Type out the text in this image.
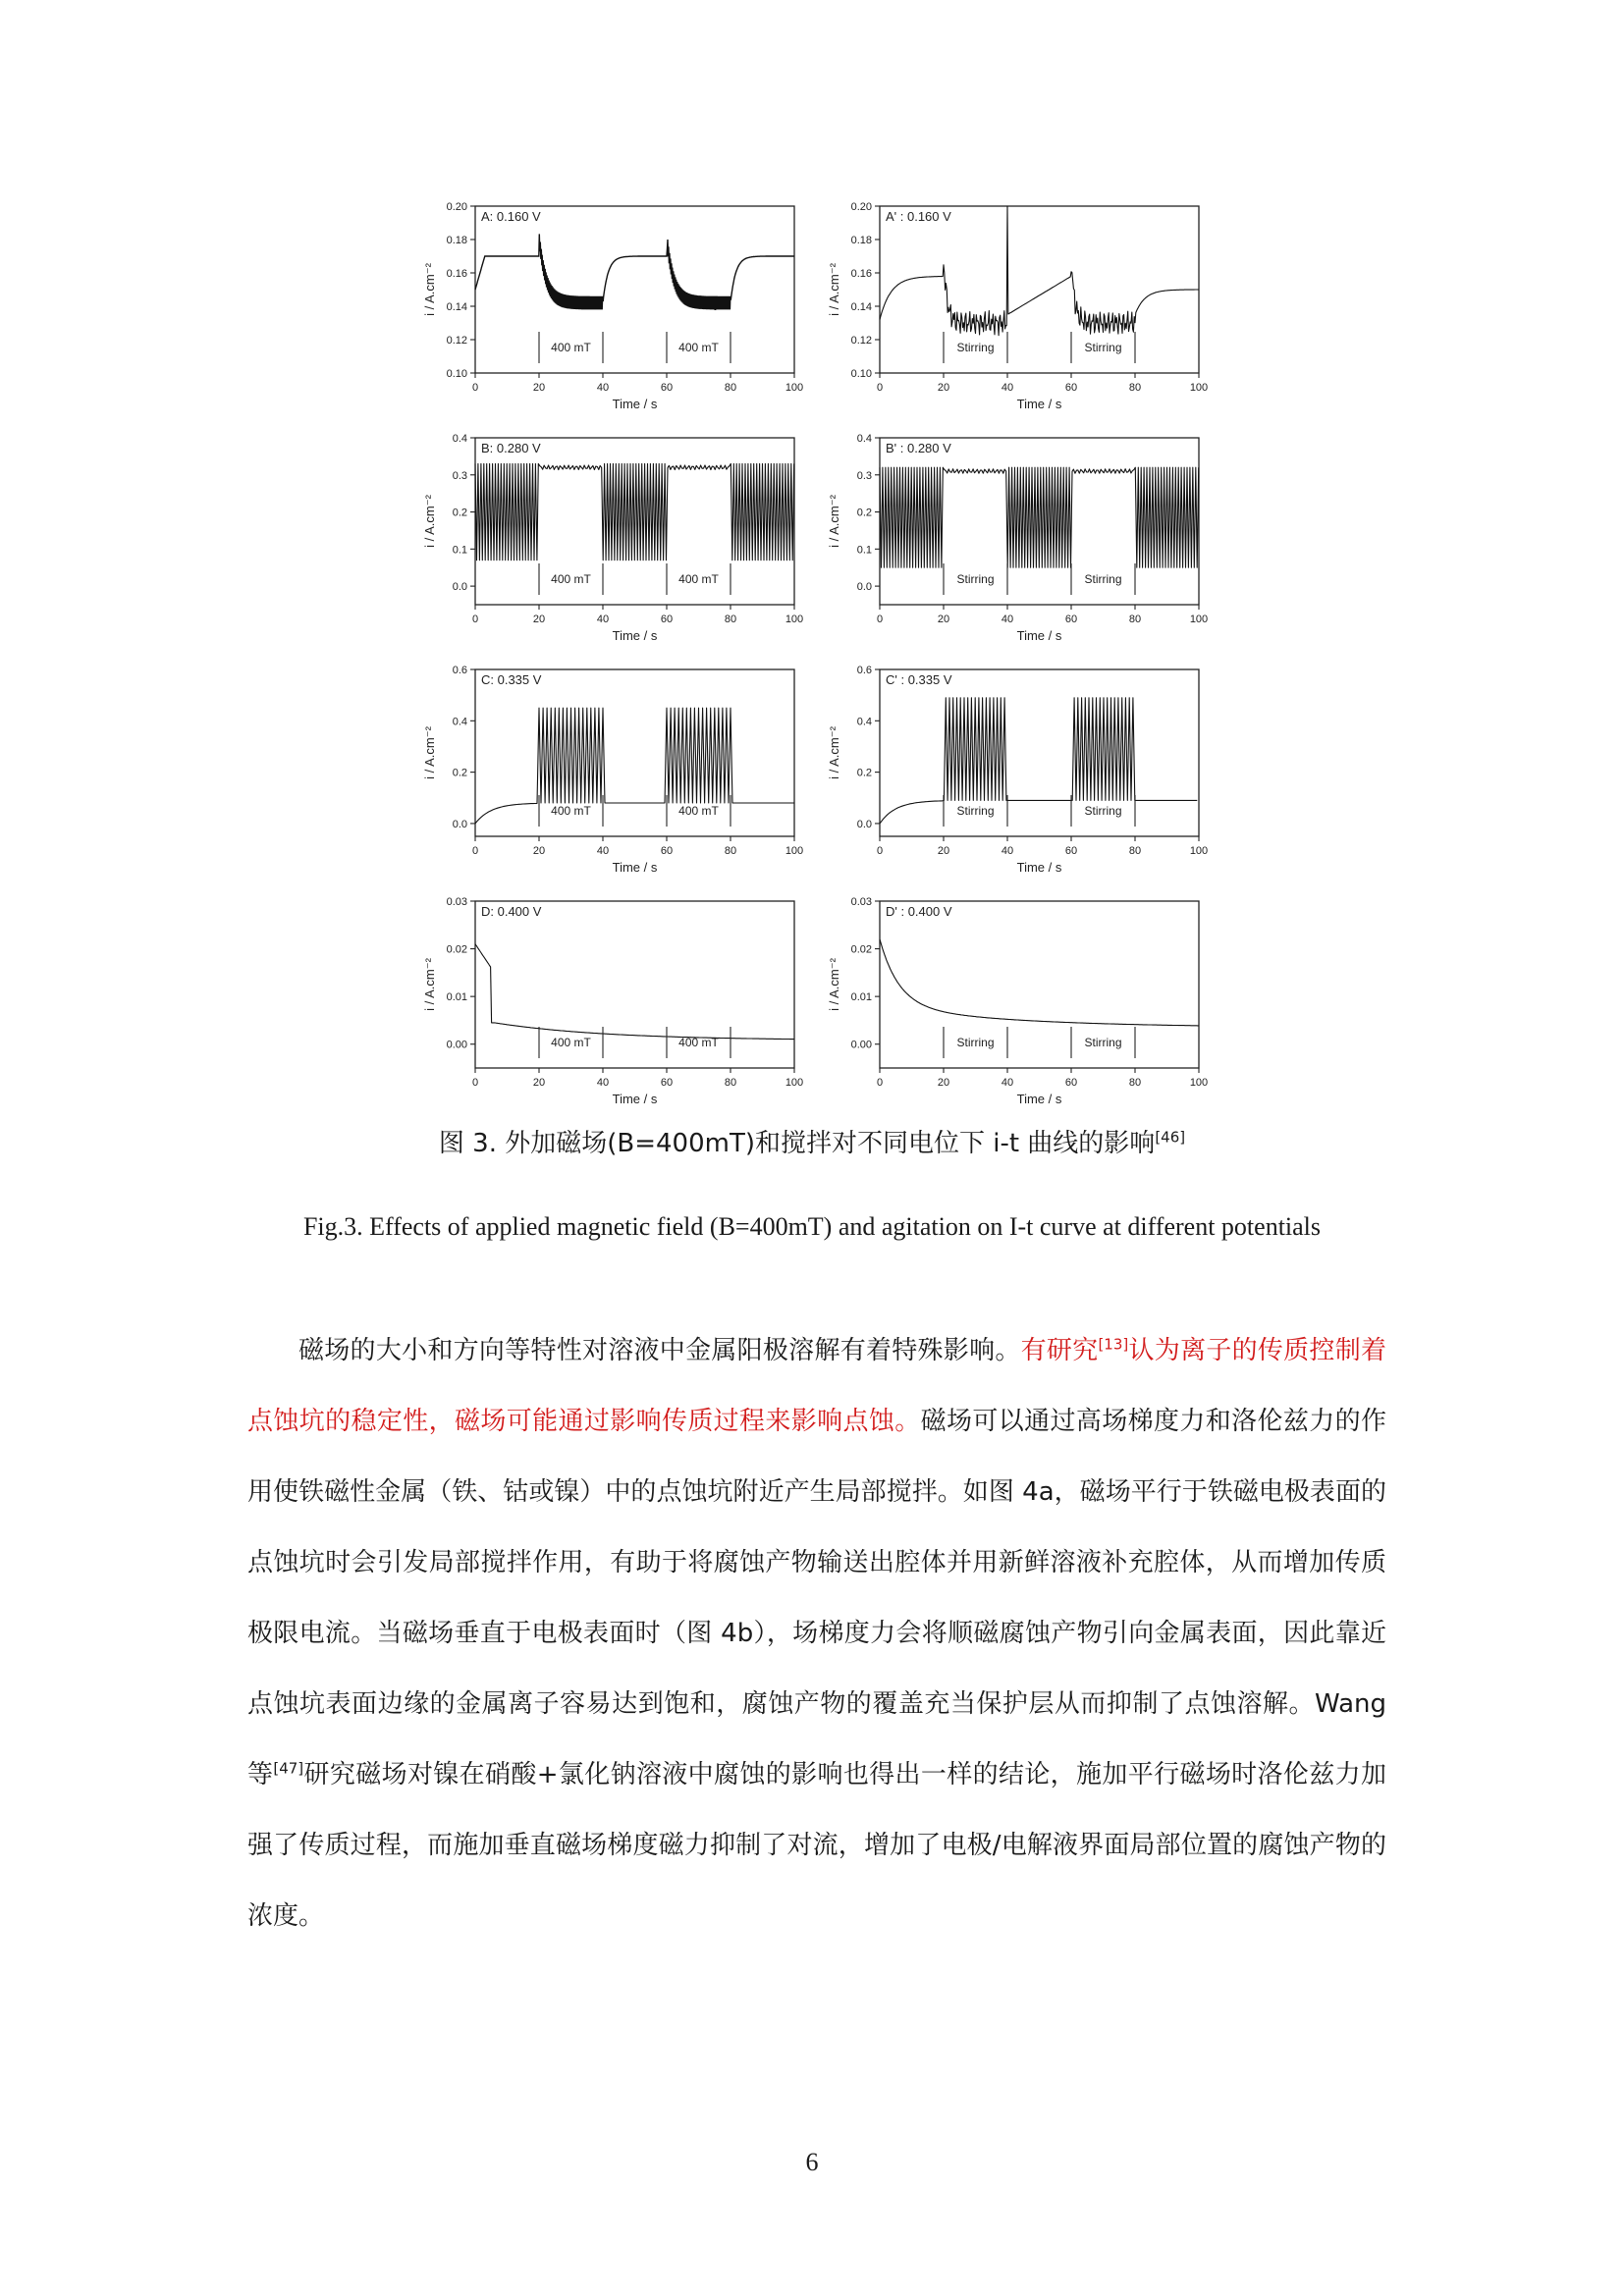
0	20	40	60	80	100
0.10
0.12
0.14
0.16
0.18
0.20
Time / s
i / A.cm⁻²
A: 0.160 V
400 mT	400 mT
0	20	40	60	80	100
0.10
0.12
0.14
0.16
0.18
0.20
Time / s
i / A.cm⁻²
A' : 0.160 V
Stirring	Stirring
0	20	40	60	80	100
0.0
0.1
0.2
0.3
0.4
Time / s
i / A.cm⁻²
B: 0.280 V
400 mT	400 mT
0	20	40	60	80	100
0.0
0.1
0.2
0.3
0.4
Time / s
i / A.cm⁻²
B' : 0.280 V
Stirring	Stirring
0	20	40	60	80	100
0.0
0.2
0.4
0.6
Time / s
i / A.cm⁻²
C: 0.335 V
400 mT	400 mT
0	20	40	60	80	100
0.0
0.2
0.4
0.6
Time / s
i / A.cm⁻²
C' : 0.335 V
Stirring	Stirring
0	20	40	60	80	100
0.00
0.01
0.02
0.03
Time / s
i / A.cm⁻²
D: 0.400 V
400 mT	400 mT
0	20	40	60	80	100
0.00
0.01
0.02
0.03
Time / s
i / A.cm⁻²
D' : 0.400 V
Stirring	Stirring
图 3. 外加磁场(B=400mT)和搅拌对不同电位下 i-t 曲线的影响[46]
Fig.3. Effects of applied magnetic field (B=400mT) and agitation on I-t curve at different potentials

磁场的大小和方向等特性对溶液中金属阳极溶解有着特殊影响。有研究[13]认为离子的传质控制着点蚀坑的稳定性，磁场可能通过影响传质过程来影响点蚀。磁场可以通过高场梯度力和洛伦兹力的作用使铁磁性金属（铁、钴或镍）中的点蚀坑附近产生局部搅拌。如图 4a，磁场平行于铁磁电极表面的点蚀坑时会引发局部搅拌作用，有助于将腐蚀产物输送出腔体并用新鲜溶液补充腔体，从而增加传质极限电流。当磁场垂直于电极表面时（图 4b），场梯度力会将顺磁腐蚀产物引向金属表面，因此靠近点蚀坑表面边缘的金属离子容易达到饱和，腐蚀产物的覆盖充当保护层从而抑制了点蚀溶解。Wang 等[47]研究磁场对镍在硝酸+氯化钠溶液中腐蚀的影响也得出一样的结论，施加平行磁场时洛伦兹力加强了传质过程，而施加垂直磁场梯度磁力抑制了对流，增加了电极/电解液界面局部位置的腐蚀产物的浓度。

6
